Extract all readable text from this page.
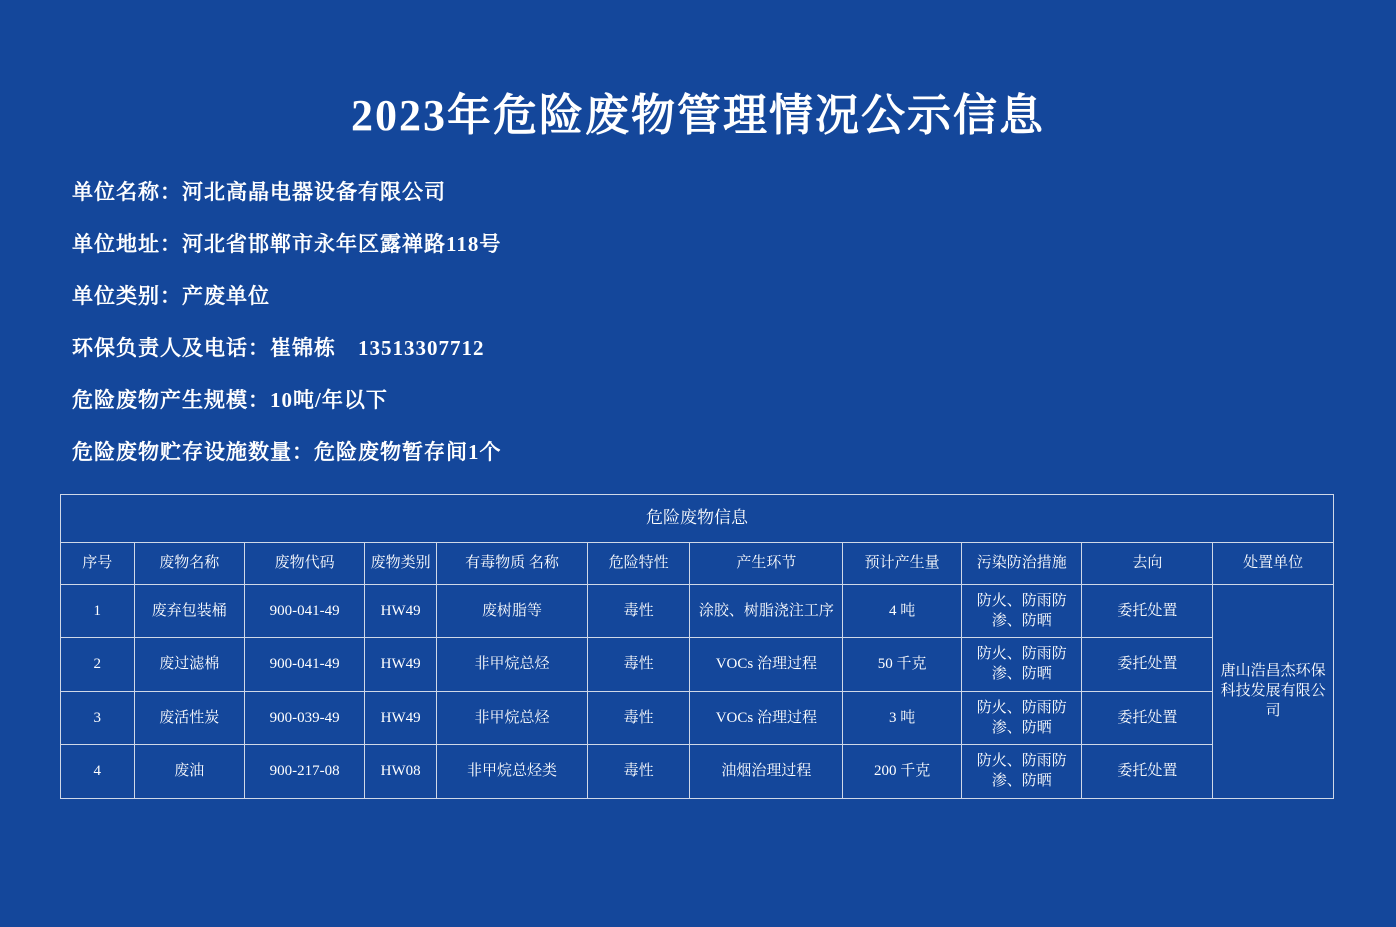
2023年危险废物管理情况公示信息
单位名称：河北高晶电器设备有限公司
单位地址：河北省邯郸市永年区露禅路118号
单位类别：产废单位
环保负责人及电话：崔锦栋　13513307712
危险废物产生规模：10吨/年以下
危险废物贮存设施数量：危险废物暂存间1个
危险废物信息										
序号	废物名称	废物代码	废物类别	有毒物质 名称	危险特性	产生环节	预计产生量	污染防治措施	去向	处置单位
1	废弃包装桶	900-041-49	HW49	废树脂等	毒性	涂胶、树脂浇注工序	4 吨	防火、防雨防渗、防晒	委托处置	唐山浩昌杰环保科技发展有限公司
2	废过滤棉	900-041-49	HW49	非甲烷总烃	毒性	VOCs 治理过程	50 千克	防火、防雨防渗、防晒	委托处置	
3	废活性炭	900-039-49	HW49	非甲烷总烃	毒性	VOCs 治理过程	3 吨	防火、防雨防渗、防晒	委托处置	
4	废油	900-217-08	HW08	非甲烷总烃类	毒性	油烟治理过程	200 千克	防火、防雨防渗、防晒	委托处置	
